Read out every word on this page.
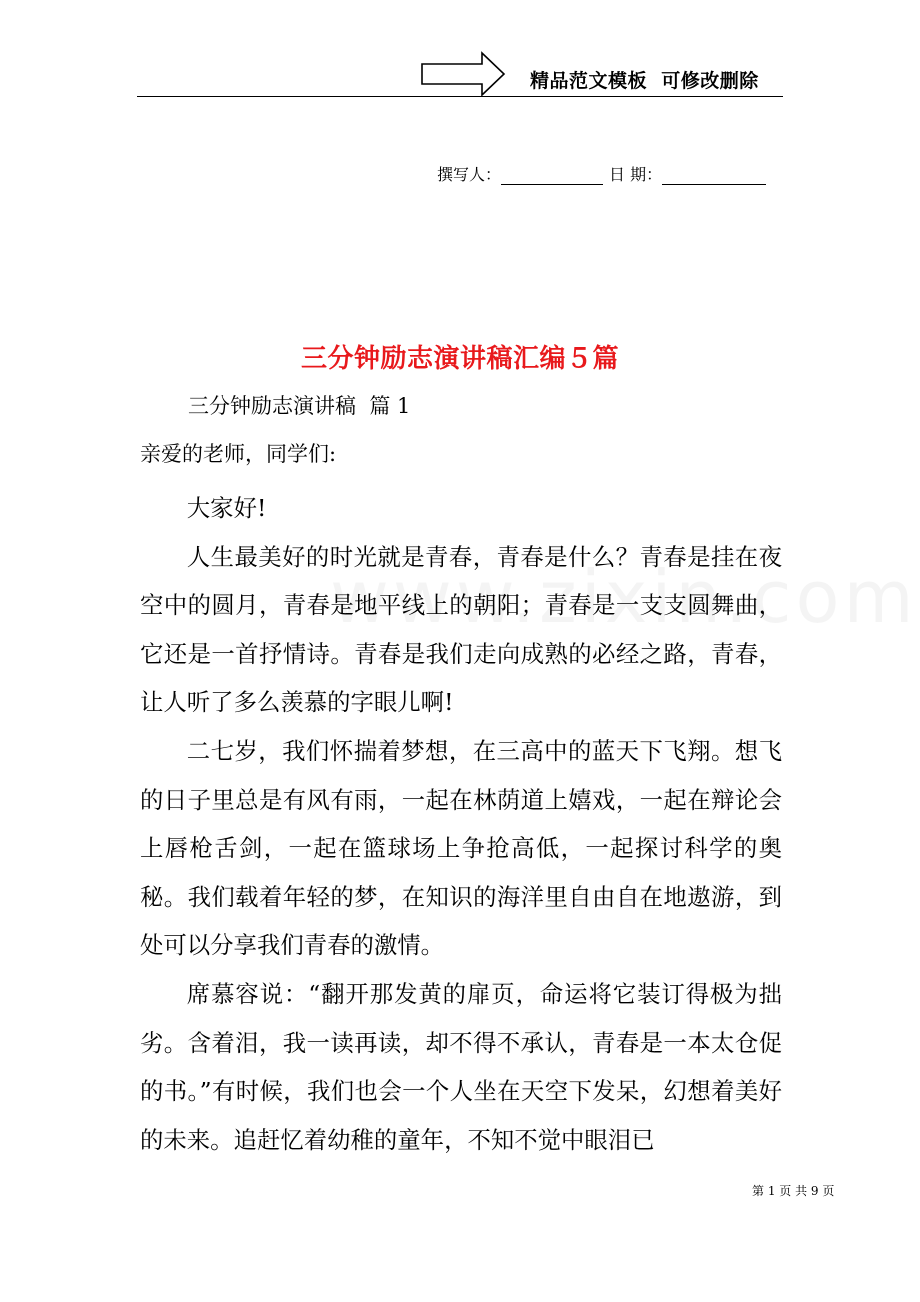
精品范文模板  可修改删除
撰写人：	日 期：
三分钟励志演讲稿汇编５篇
三分钟励志演讲稿  篇 1
亲爱的老师，同学们:

大家好!

人生最美好的时光就是青春，青春是什么？青春是挂在夜空中的圆月，青春是地平线上的朝阳；青春是一支支圆舞曲，它还是一首抒情诗。青春是我们走向成熟的必经之路，青春，让人听了多么羡慕的字眼儿啊!

二七岁，我们怀揣着梦想，在三高中的蓝天下飞翔。想飞的日子里总是有风有雨，一起在林荫道上嬉戏，一起在辩论会上唇枪舌剑，一起在篮球场上争抢高低，一起探讨科学的奥秘。我们载着年轻的梦，在知识的海洋里自由自在地遨游，到处可以分享我们青春的激情。

席慕容说：“翻开那发黄的扉页，命运将它装订得极为拙劣。含着泪，我一读再读，却不得不承认，青春是一本太仓促的书。”有时候，我们也会一个人坐在天空下发呆，幻想着美好的未来。追赶忆着幼稚的童年，不知不觉中眼泪已

第 1 页 共 9 页
